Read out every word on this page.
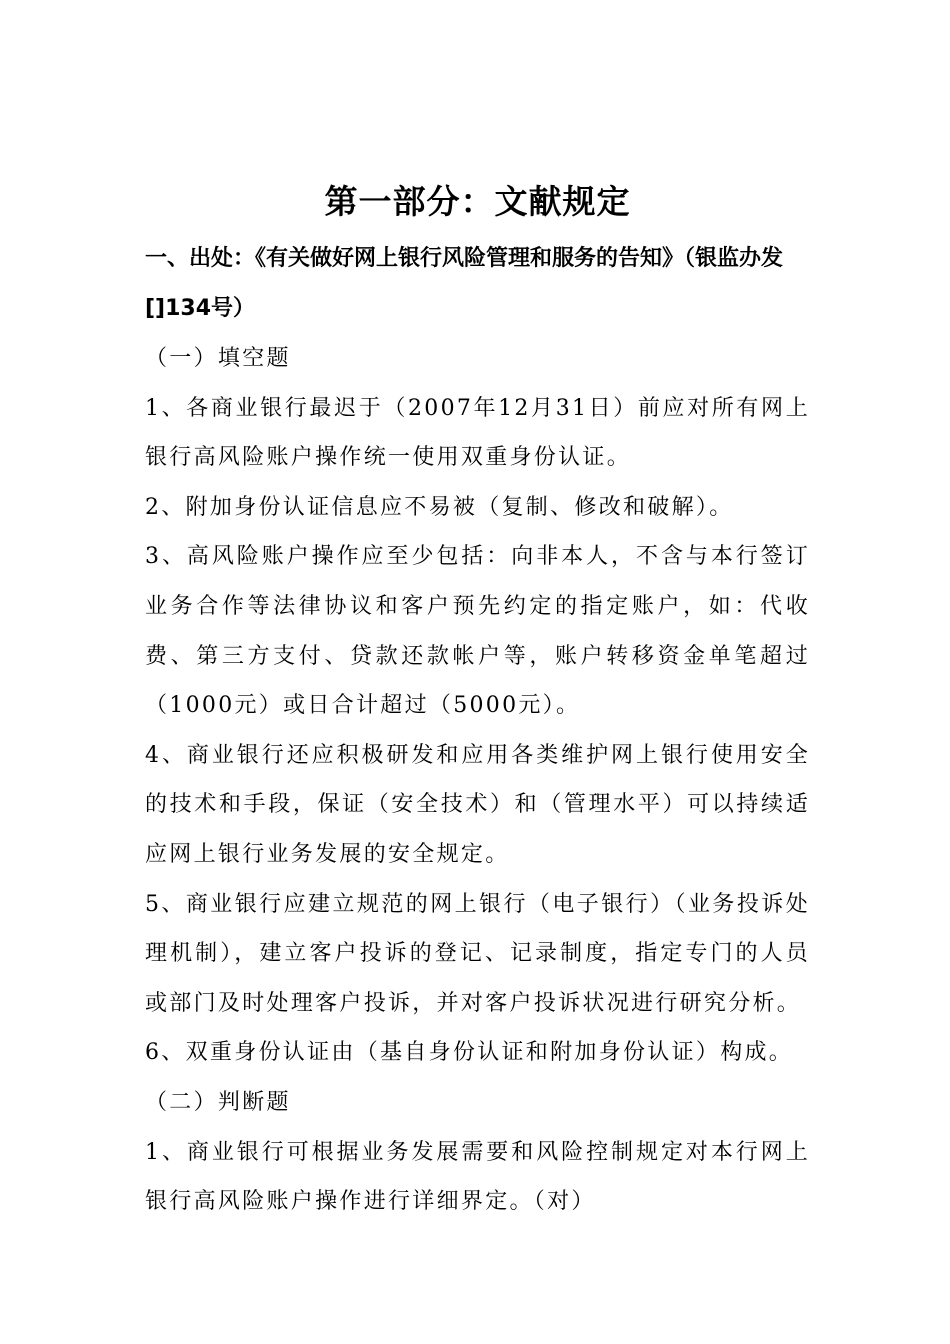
第一部分：文献规定

一、出处：《有关做好网上银行风险管理和服务的告知》（银监办发[]134号）

（一）填空题

1、各商业银行最迟于（2007年12月31日）前应对所有网上银行高风险账户操作统一使用双重身份认证。

2、附加身份认证信息应不易被（复制、修改和破解）。

3、高风险账户操作应至少包括：向非本人，不含与本行签订业务合作等法律协议和客户预先约定的指定账户，如：代收费、第三方支付、贷款还款帐户等，账户转移资金单笔超过（1000元）或日合计超过（5000元）。

4、商业银行还应积极研发和应用各类维护网上银行使用安全的技术和手段，保证（安全技术）和（管理水平）可以持续适应网上银行业务发展的安全规定。

5、商业银行应建立规范的网上银行（电子银行）（业务投诉处理机制），建立客户投诉的登记、记录制度，指定专门的人员或部门及时处理客户投诉，并对客户投诉状况进行研究分析。

6、双重身份认证由（基自身份认证和附加身份认证）构成。

（二）判断题

1、商业银行可根据业务发展需要和风险控制规定对本行网上银行高风险账户操作进行详细界定。（对）
